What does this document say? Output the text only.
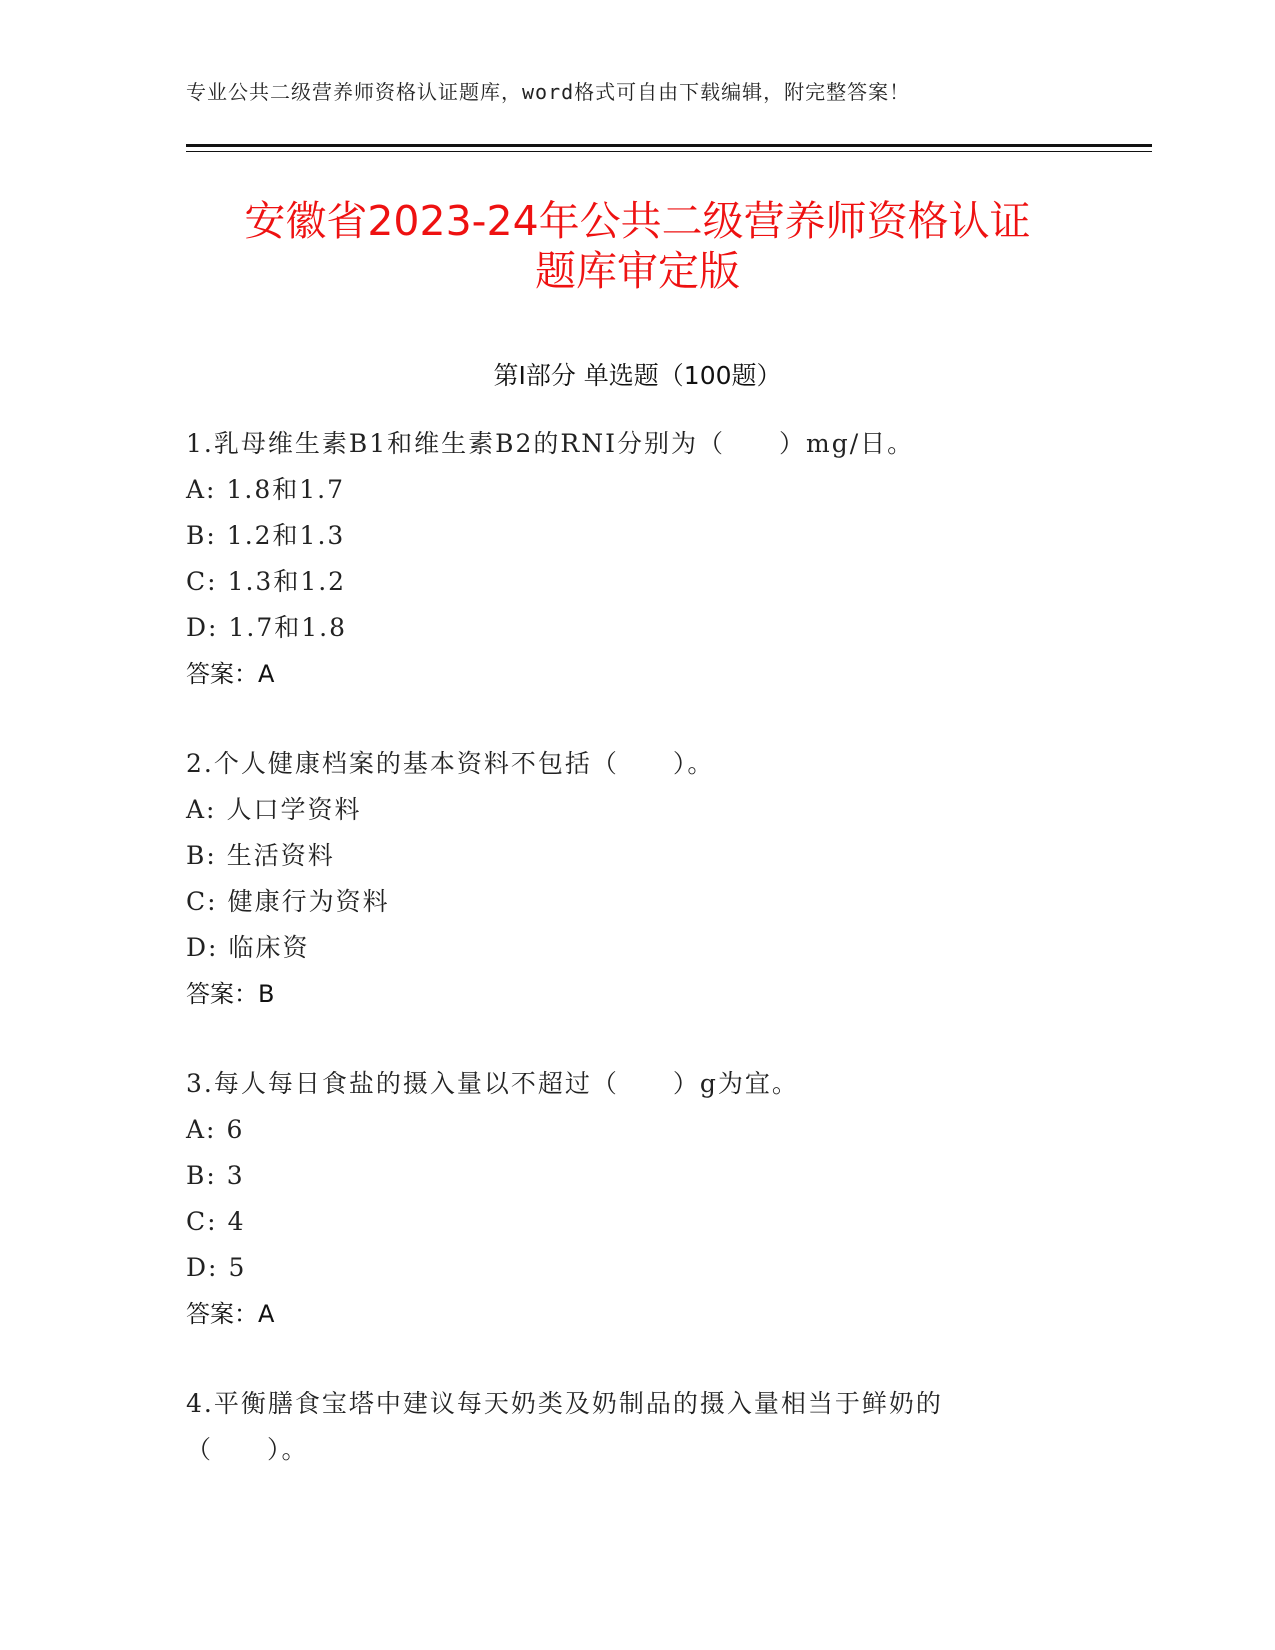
专业公共二级营养师资格认证题库，word格式可自由下载编辑，附完整答案！
安徽省2023-24年公共二级营养师资格认证
题库审定版
第Ⅰ部分 单选题（100题）
1.乳母维生素B1和维生素B2的RNI分别为（　　）mg/日。
A: 1.8和1.7
B: 1.2和1.3
C: 1.3和1.2
D: 1.7和1.8
答案：A
2.个人健康档案的基本资料不包括（　　）。
A: 人口学资料
B: 生活资料
C: 健康行为资料
D: 临床资
答案：B
3.每人每日食盐的摄入量以不超过（　　）g为宜。
A: 6
B: 3
C: 4
D: 5
答案：A
4.平衡膳食宝塔中建议每天奶类及奶制品的摄入量相当于鲜奶的（　　）。
